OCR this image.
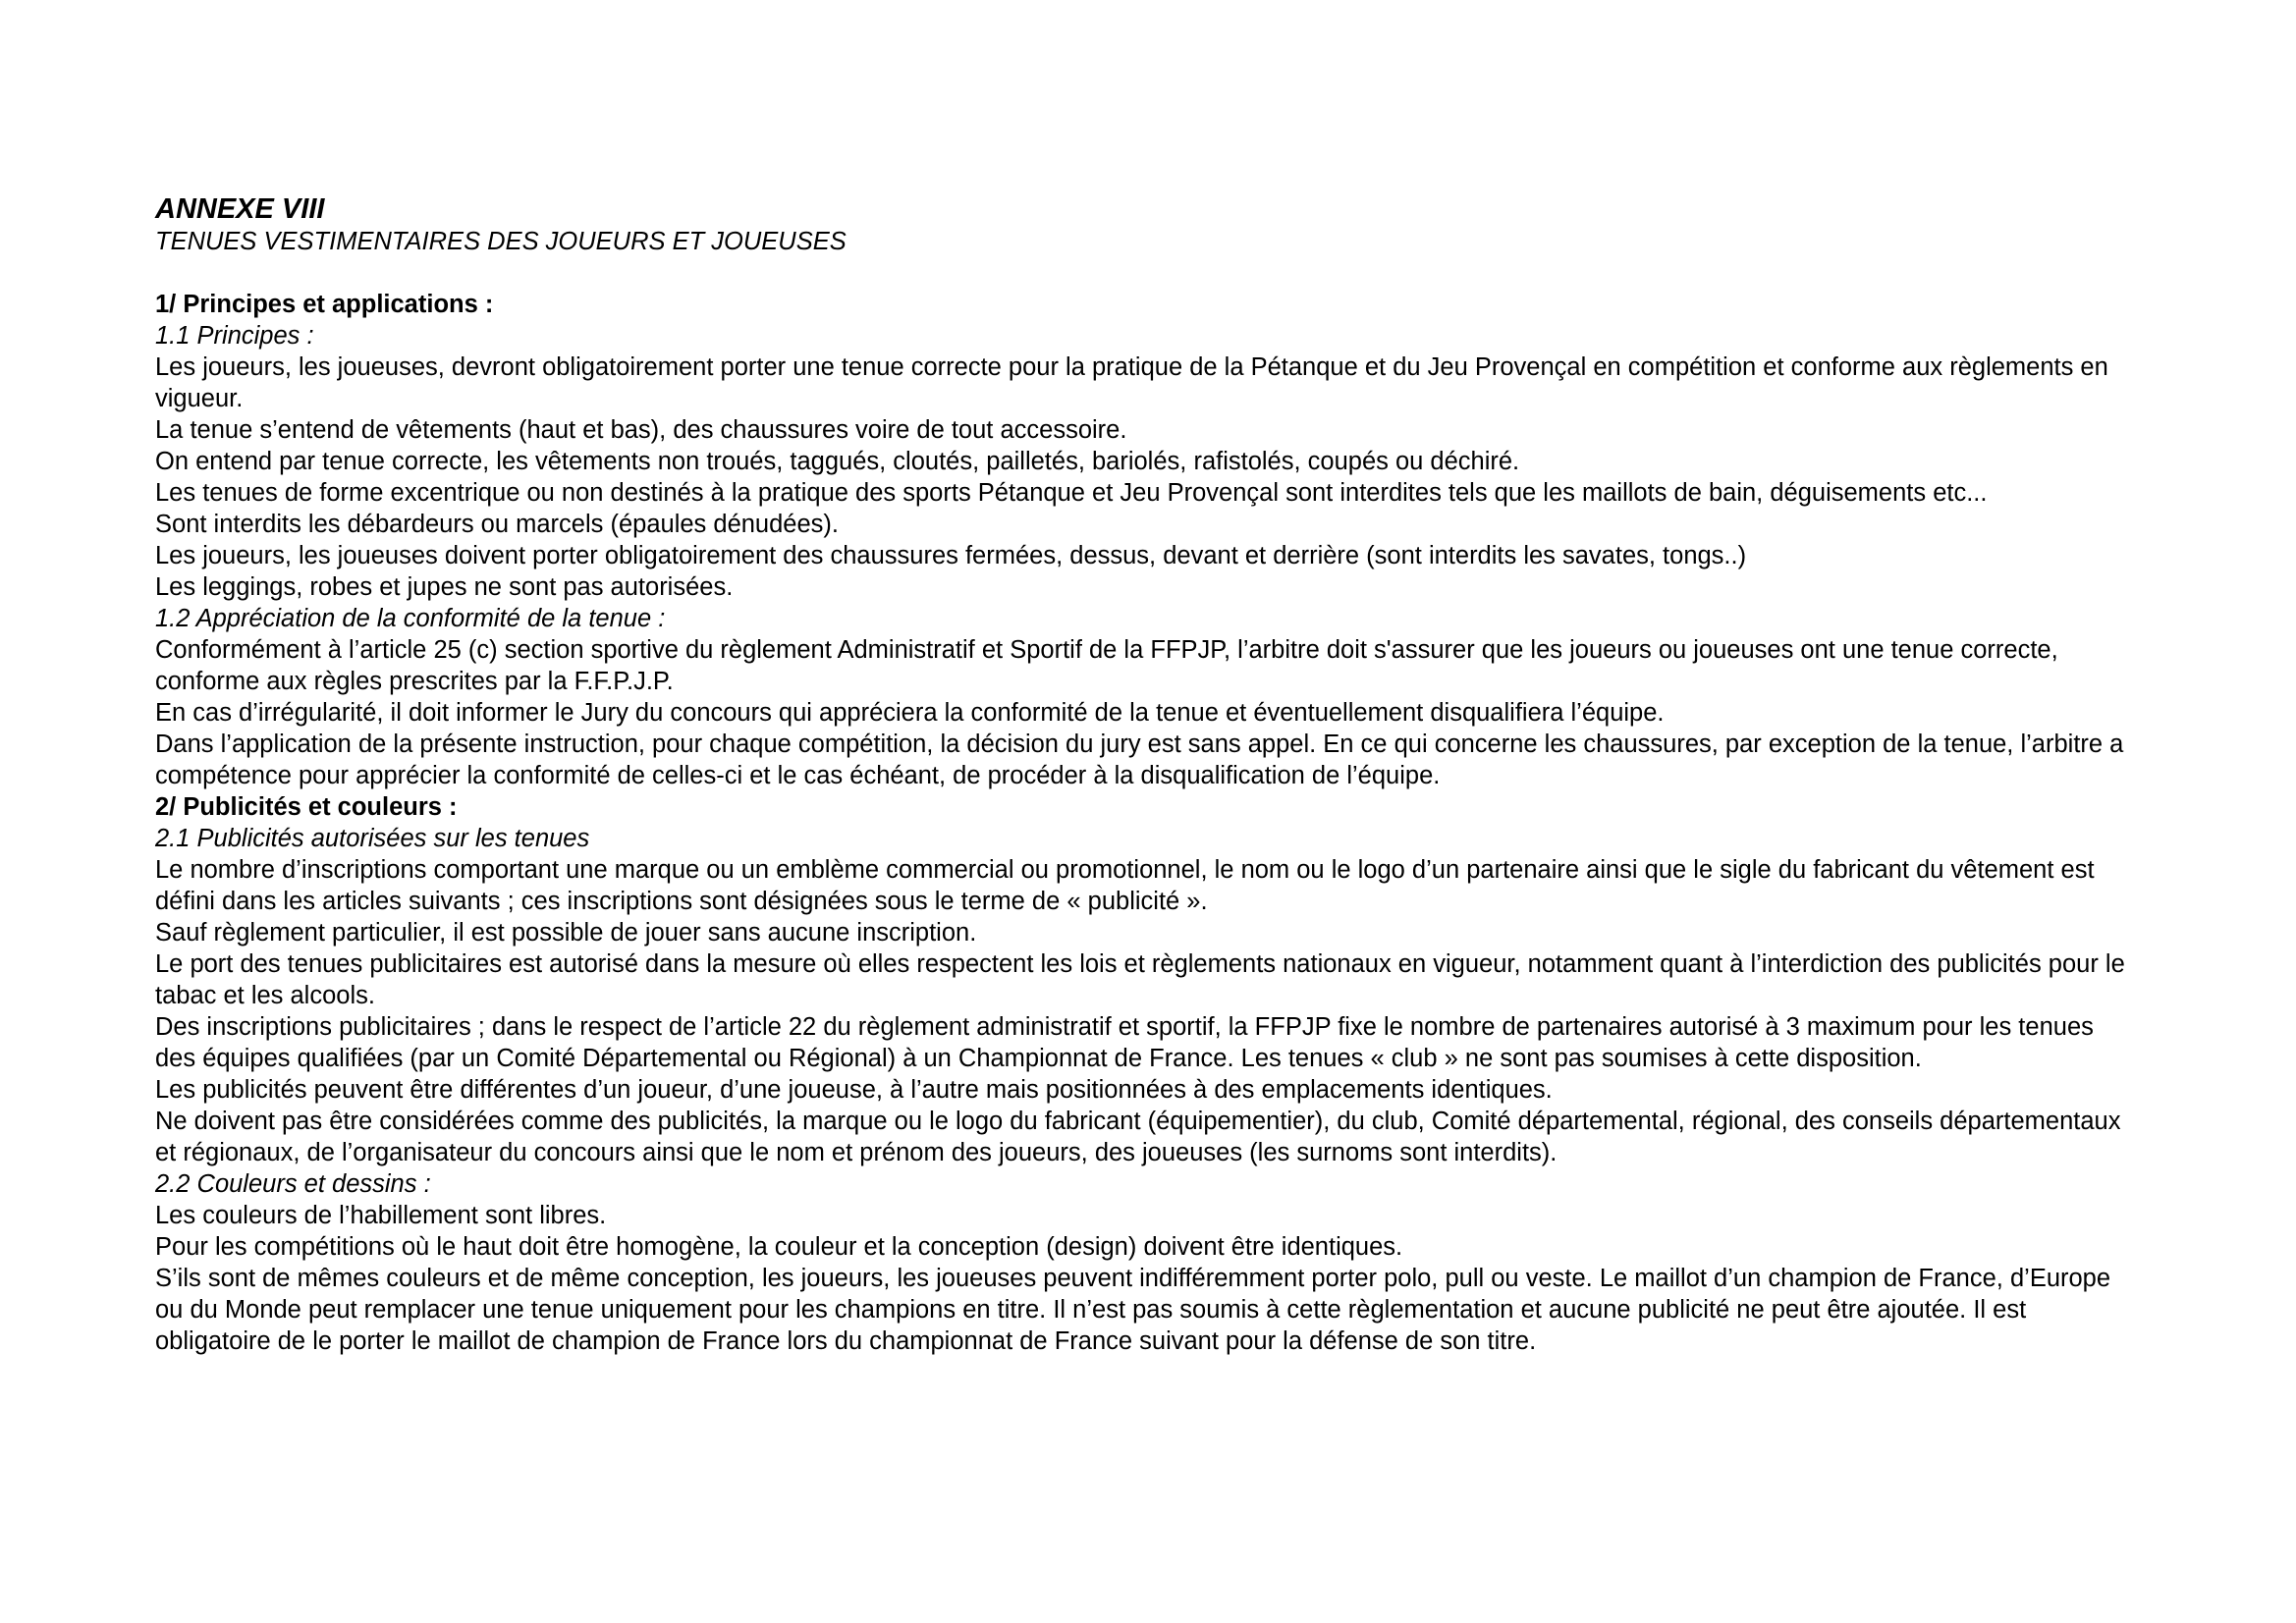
ANNEXE VIII
TENUES VESTIMENTAIRES DES JOUEURS ET JOUEUSES
1/ Principes et applications :
1.1 Principes :

Les joueurs, les joueuses, devront obligatoirement porter une tenue correcte pour la pratique de la Pétanque et du Jeu Provençal en compétition et conforme aux règlements en vigueur.

La tenue s’entend de vêtements (haut et bas), des chaussures voire de tout accessoire.

On entend par tenue correcte, les vêtements non troués, taggués, cloutés, pailletés, bariolés, rafistolés, coupés ou déchiré.

Les tenues de forme excentrique ou non destinés à la pratique des sports Pétanque et Jeu Provençal sont interdites tels que les maillots de bain, déguisements etc...

Sont interdits les débardeurs ou marcels (épaules dénudées).

Les joueurs, les joueuses doivent porter obligatoirement des chaussures fermées, dessus, devant et derrière (sont interdits les savates, tongs..)

Les leggings, robes et jupes ne sont pas autorisées.

1.2 Appréciation de la conformité de la tenue :

Conformément à l’article 25 (c) section sportive du règlement Administratif et Sportif de la FFPJP, l’arbitre doit s'assurer que les joueurs ou joueuses ont une tenue correcte, conforme aux règles prescrites par la F.F.P.J.P.

En cas d’irrégularité, il doit informer le Jury du concours qui appréciera la conformité de la tenue et éventuellement disqualifiera l’équipe.

Dans l’application de la présente instruction, pour chaque compétition, la décision du jury est sans appel. En ce qui concerne les chaussures, par exception de la tenue, l’arbitre a compétence pour apprécier la conformité de celles-ci et le cas échéant, de procéder à la disqualification de l’équipe.

2/ Publicités et couleurs :
2.1 Publicités autorisées sur les tenues

Le nombre d’inscriptions comportant une marque ou un emblème commercial ou promotionnel, le nom ou le logo d’un partenaire ainsi que le sigle du fabricant du vêtement est défini dans les articles suivants ; ces inscriptions sont désignées sous le terme de « publicité ».

Sauf règlement particulier, il est possible de jouer sans aucune inscription.

Le port des tenues publicitaires est autorisé dans la mesure où elles respectent les lois et règlements nationaux en vigueur, notamment quant à l’interdiction des publicités pour le tabac et les alcools.

Des inscriptions publicitaires ; dans le respect de l’article 22 du règlement administratif et sportif, la FFPJP fixe le nombre de partenaires autorisé à 3 maximum pour les tenues des équipes qualifiées (par un Comité Départemental ou Régional) à un Championnat de France. Les tenues « club » ne sont pas soumises à cette disposition.

Les publicités peuvent être différentes d’un joueur, d’une joueuse, à l’autre mais positionnées à des emplacements identiques.

Ne doivent pas être considérées comme des publicités, la marque ou le logo du fabricant (équipementier), du club, Comité départemental, régional, des conseils départementaux et régionaux, de l’organisateur du concours ainsi que le nom et prénom des joueurs, des joueuses (les surnoms sont interdits).

2.2 Couleurs et dessins :

Les couleurs de l’habillement sont libres.

Pour les compétitions où le haut doit être homogène, la couleur et la conception (design) doivent être identiques.

S’ils sont de mêmes couleurs et de même conception, les joueurs, les joueuses peuvent indifféremment porter polo, pull ou veste. Le maillot d’un champion de France, d’Europe ou du Monde peut remplacer une tenue uniquement pour les champions en titre. Il n’est pas soumis à cette règlementation et aucune publicité ne peut être ajoutée. Il est obligatoire de le porter le maillot de champion de France lors du championnat de France suivant pour la défense de son titre.
